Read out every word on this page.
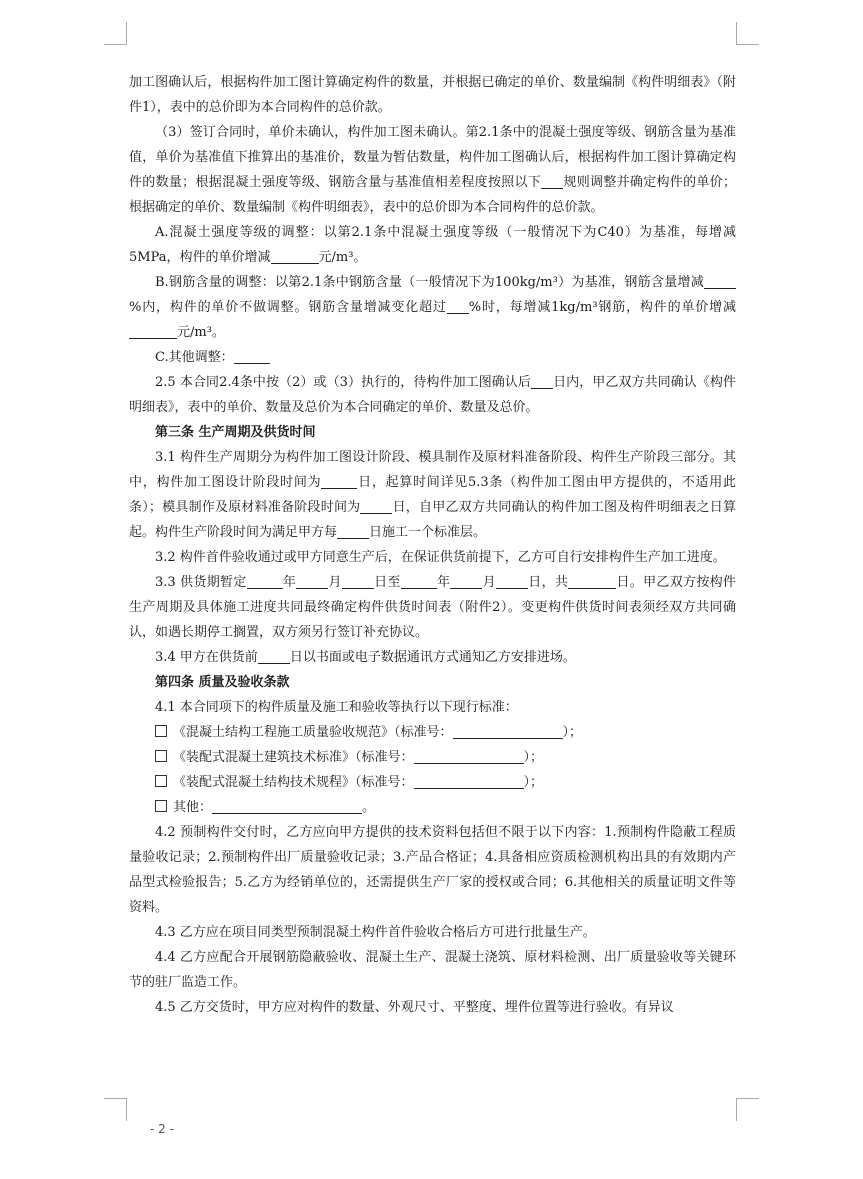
加工图确认后，根据构件加工图计算确定构件的数量，并根据已确定的单价、数量编制《构件明细表》（附件1），表中的总价即为本合同构件的总价款。

（3）签订合同时，单价未确认，构件加工图未确认。第2.1条中的混凝土强度等级、钢筋含量为基准值，单价为基准值下推算出的基准价，数量为暂估数量，构件加工图确认后，根据构件加工图计算确定构件的数量；根据混凝土强度等级、钢筋含量与基准值相差程度按照以下 规则调整并确定构件的单价；根据确定的单价、数量编制《构件明细表》，表中的总价即为本合同构件的总价款。

A.混凝土强度等级的调整：以第2.1条中混凝土强度等级（一般情况下为C40）为基准，每增减5MPa，构件的单价增减	元/m³。

B.钢筋含量的调整：以第2.1条中钢筋含量（一般情况下为100kg/m³）为基准，钢筋含量增减%内，构件的单价不做调整。钢筋含量增减变化超过 %时，每增减1kg/m³钢筋，构件的单价增减元/m³。

C.其他调整：

2.5 本合同2.4条中按（2）或（3）执行的，待构件加工图确认后 日内，甲乙双方共同确认《构件明细表》，表中的单价、数量及总价为本合同确定的单价、数量及总价。

第三条 生产周期及供货时间

3.1 构件生产周期分为构件加工图设计阶段、模具制作及原材料准备阶段、构件生产阶段三部分。其中，构件加工图设计阶段时间为	日，起算时间详见5.3条（构件加工图由甲方提供的，不适用此条）；模具制作及原材料准备阶段时间为 日，自甲乙双方共同确认的构件加工图及构件明细表之日算起。构件生产阶段时间为满足甲方每 日施工一个标准层。

3.2 构件首件验收通过或甲方同意生产后，在保证供货前提下，乙方可自行安排构件生产加工进度。

3.3 供货期暂定	年 月 日至	年 月 日，共	日。甲乙双方按构件生产周期及具体施工进度共同最终确定构件供货时间表（附件2）。变更构件供货时间表须经双方共同确认，如遇长期停工搁置，双方须另行签订补充协议。

3.4 甲方在供货前 日以书面或电子数据通讯方式通知乙方安排进场。

第四条 质量及验收条款

4.1 本合同项下的构件质量及施工和验收等执行以下现行标准：

《混凝土结构工程施工质量验收规范》（标准号：	）；

《装配式混凝土建筑技术标准》（标准号：	）；

《装配式混凝土结构技术规程》（标准号：	）；

其他：	。

4.2 预制构件交付时，乙方应向甲方提供的技术资料包括但不限于以下内容：1.预制构件隐蔽工程质量验收记录；2.预制构件出厂质量验收记录；3.产品合格证；4.具备相应资质检测机构出具的有效期内产品型式检验报告；5.乙方为经销单位的，还需提供生产厂家的授权或合同；6.其他相关的质量证明文件等资料。

4.3 乙方应在项目同类型预制混凝土构件首件验收合格后方可进行批量生产。

4.4 乙方应配合开展钢筋隐蔽验收、混凝土生产、混凝土浇筑、原材料检测、出厂质量验收等关键环节的驻厂监造工作。

4.5 乙方交货时，甲方应对构件的数量、外观尺寸、平整度、埋件位置等进行验收。有异议

- 2 -
